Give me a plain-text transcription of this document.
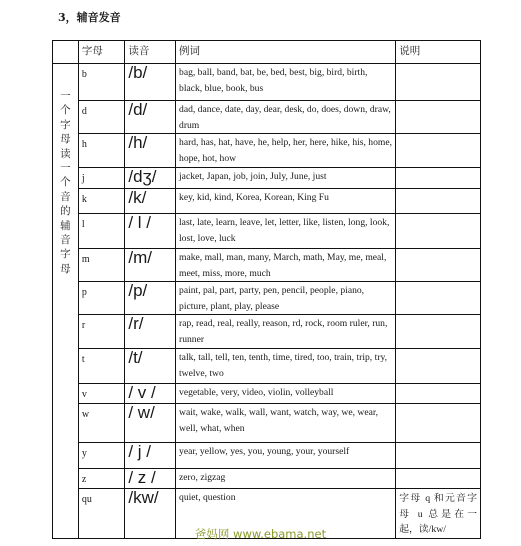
3，辅音发音
	字母	读音	例词	说明
一个字母读一个音的辅音字母	b	/b/	bag, ball, band, bat, be, bed, best, big, bird, birth, black, blue, book, bus	
	d	/d/	dad, dance, date, day, dear, desk, do, does, down, draw, drum	
	h	/h/	hard, has, hat, have, he, help, her, here, hike, his, home, hope, hot, how	
	j	/dʒ/	jacket, Japan, job, join, July, June, just	
	k	/k/	key, kid, kind, Korea, Korean, King Fu	
	l	/ l /	last, late, learn, leave, let, letter, like, listen, long, look, lost, love, luck	
	m	/m/	make, mall, man, many, March, math, May, me, meal, meet, miss, more, much	
	p	/p/	paint, pal, part, party, pen, pencil, people, piano, picture, plant, play, please	
	r	/r/	rap, read, real, really, reason, rd, rock, room ruler, run, runner	
	t	/t/	talk, tall, tell, ten, tenth, time, tired, too, train, trip, try, twelve, two	
	v	/ v /	vegetable, very, video, violin, volleyball	
	w	/ w/	wait, wake, walk, wall, want, watch, way, we, wear, well, what, when	
	y	/ j /	year, yellow, yes, you, young, your, yourself	
	z	/ z /	zero, zigzag	
	qu	/kw/	quiet, question	字母 q 和元音字母 u 总是在一起，读/kw/
爸妈网 www.ebama.net
